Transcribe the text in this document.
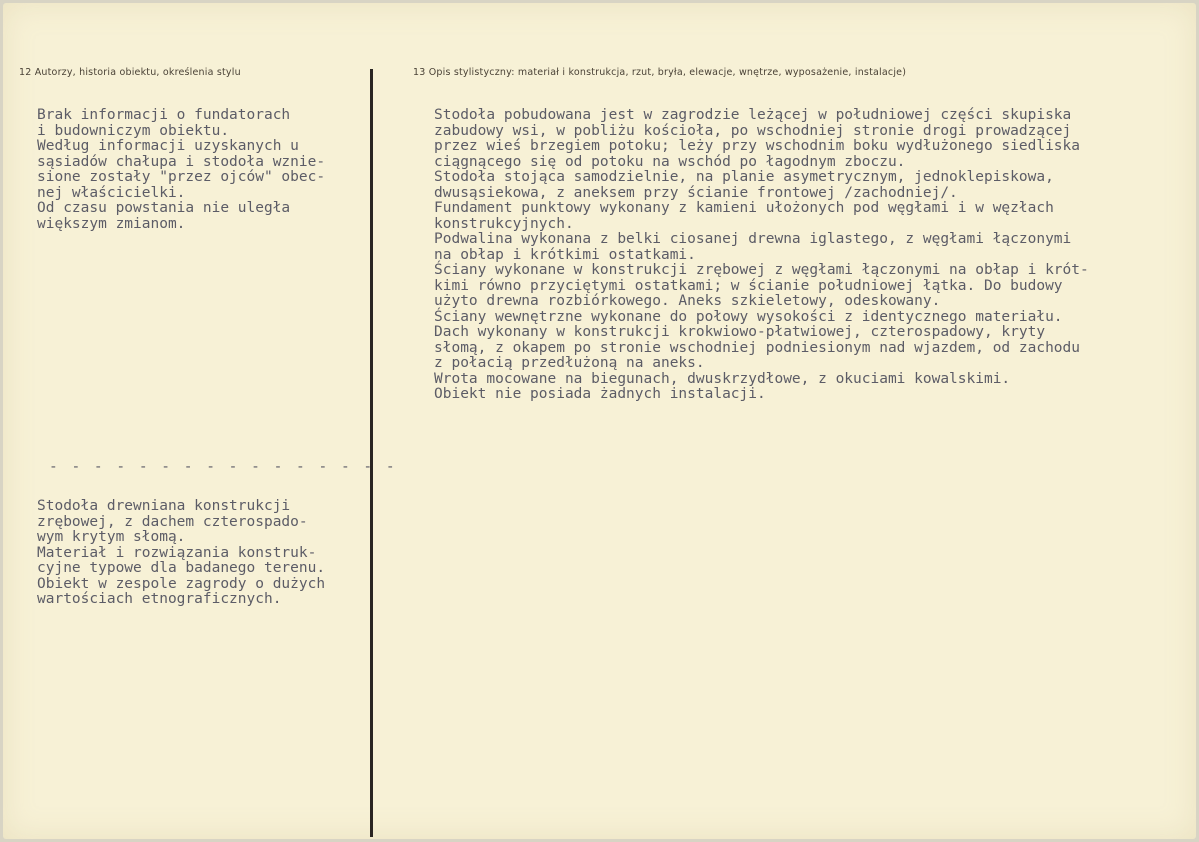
12 Autorzy, historia obiektu, określenia stylu	13 Opis stylistyczny: materiał i konstrukcja, rzut, bryła, elewacje, wnętrze, wyposażenie, instalacje)
Brak informacji o fundatorach
i budowniczym obiektu.
Według informacji uzyskanych u
sąsiadów chałupa i stodoła wznie-
sione zostały "przez ojców" obec-
nej właścicielki.
Od czasu powstania nie uległa
większym zmianom.
- - - - - - - - - - - - - - - -
Stodoła drewniana konstrukcji
zrębowej, z dachem czterospado-
wym krytym słomą.
Materiał i rozwiązania konstruk-
cyjne typowe dla badanego terenu.
Obiekt w zespole zagrody o dużych
wartościach etnograficznych.
Stodoła pobudowana jest w zagrodzie leżącej w południowej części skupiska
zabudowy wsi, w pobliżu kościoła, po wschodniej stronie drogi prowadzącej
przez wieś brzegiem potoku; leży przy wschodnim boku wydłużonego siedliska
ciągnącego się od potoku na wschód po łagodnym zboczu.
Stodoła stojąca samodzielnie, na planie asymetrycznym, jednoklepiskowa,
dwusąsiekowa, z aneksem przy ścianie frontowej /zachodniej/.
Fundament punktowy wykonany z kamieni ułożonych pod węgłami i w węzłach
konstrukcyjnych.
Podwalina wykonana z belki ciosanej drewna iglastego, z węgłami łączonymi
na obłap i krótkimi ostatkami.
Ściany wykonane w konstrukcji zrębowej z węgłami łączonymi na obłap i krót-
kimi równo przyciętymi ostatkami; w ścianie południowej łątka. Do budowy
użyto drewna rozbiórkowego. Aneks szkieletowy, odeskowany.
Ściany wewnętrzne wykonane do połowy wysokości z identycznego materiału.
Dach wykonany w konstrukcji krokwiowo-płatwiowej, czterospadowy, kryty
słomą, z okapem po stronie wschodniej podniesionym nad wjazdem, od zachodu
z połacią przedłużoną na aneks.
Wrota mocowane na biegunach, dwuskrzydłowe, z okuciami kowalskimi.
Obiekt nie posiada żadnych instalacji.
